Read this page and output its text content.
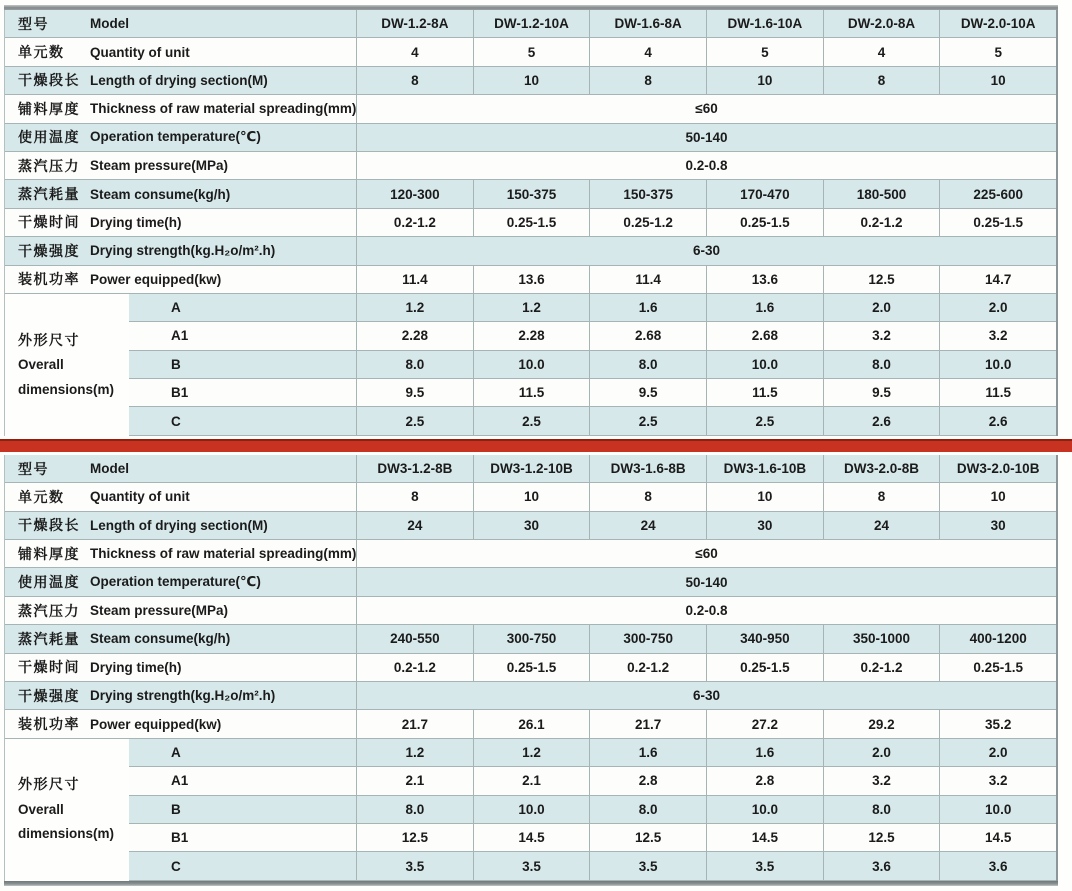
型号	Model	DW-1.2-8A	DW-1.2-10A	DW-1.6-8A	DW-1.6-10A	DW-2.0-8A	DW-2.0-10A
单元数	Quantity of unit	4	5	4	5	4	5
干燥段长 Length of drying section(M)	8	10	8	10	8	10
铺料厚度 Thickness of raw material spreading(mm)	≤60
使用温度 Operation temperature(℃)	50-140
蒸汽压力 Steam pressure(MPa)	0.2-0.8
蒸汽耗量 Steam consume(kg/h)	120-300	150-375	150-375	170-470	180-500	225-600
干燥时间 Drying time(h)	0.2-1.2	0.25-1.5	0.25-1.2	0.25-1.5	0.2-1.2	0.25-1.5
干燥强度 Drying strength(kg.H₂o/m².h)	6-30
装机功率 Power equipped(kw)	11.4	13.6	11.4	13.6	12.5	14.7
外形尺寸
Overall
dimensions(m)
A	1.2	1.2	1.6	1.6	2.0	2.0
A1	2.28	2.28	2.68	2.68	3.2	3.2
B	8.0	10.0	8.0	10.0	8.0	10.0
B1	9.5	11.5	9.5	11.5	9.5	11.5
C	2.5	2.5	2.5	2.5	2.6	2.6
型号	Model	DW3-1.2-8B	DW3-1.2-10B	DW3-1.6-8B	DW3-1.6-10B	DW3-2.0-8B	DW3-2.0-10B
单元数	Quantity of unit	8	10	8	10	8	10
干燥段长 Length of drying section(M)	24	30	24	30	24	30
铺料厚度 Thickness of raw material spreading(mm)	≤60
使用温度 Operation temperature(℃)	50-140
蒸汽压力 Steam pressure(MPa)	0.2-0.8
蒸汽耗量 Steam consume(kg/h)	240-550	300-750	300-750	340-950	350-1000	400-1200
干燥时间 Drying time(h)	0.2-1.2	0.25-1.5	0.2-1.2	0.25-1.5	0.2-1.2	0.25-1.5
干燥强度 Drying strength(kg.H₂o/m².h)	6-30
装机功率 Power equipped(kw)	21.7	26.1	21.7	27.2	29.2	35.2
外形尺寸
Overall
dimensions(m)
A	1.2	1.2	1.6	1.6	2.0	2.0
A1	2.1	2.1	2.8	2.8	3.2	3.2
B	8.0	10.0	8.0	10.0	8.0	10.0
B1	12.5	14.5	12.5	14.5	12.5	14.5
C	3.5	3.5	3.5	3.5	3.6	3.6
